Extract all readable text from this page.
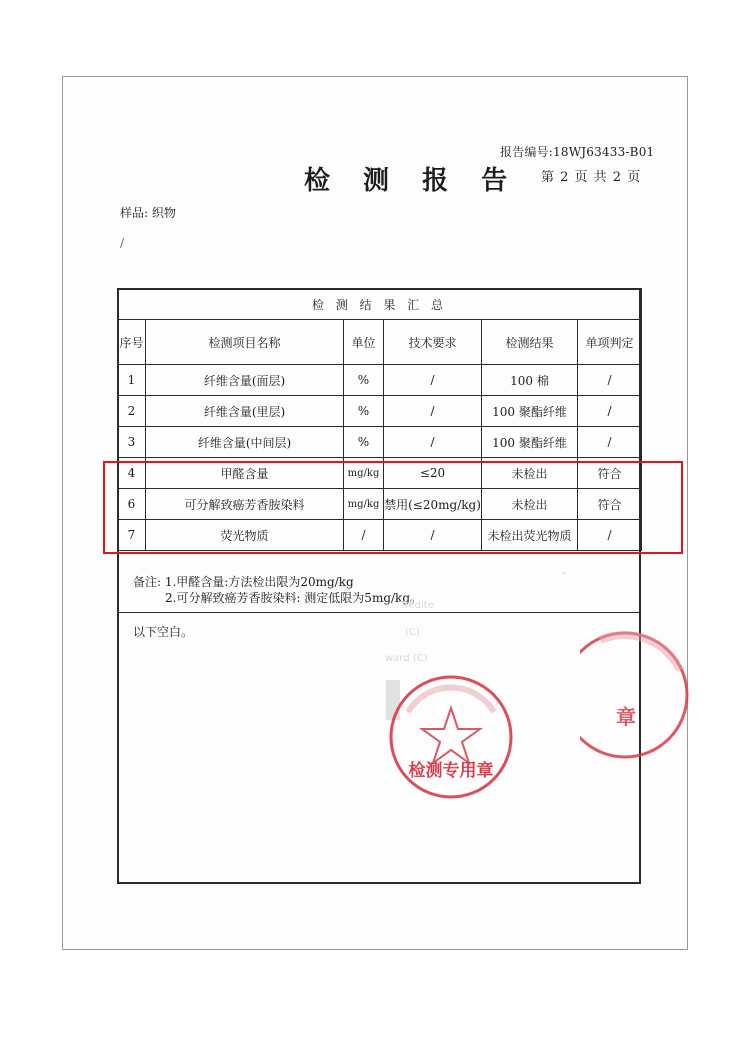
报告编号:18WJ63433-B01
检 测 报 告 第 2 页 共 2 页
样品: 织物
/
检 测 结 果 汇 总					
序号	检测项目名称	单位	技术要求	检测结果	单项判定
1	纤维含量(面层)	%	/	100 棉	/
2	纤维含量(里层)	%	/	100 聚酯纤维	/
3	纤维含量(中间层)	%	/	100 聚酯纤维	/
4	甲醛含量	mg/kg	≤20	未检出	符合
6	可分解致癌芳香胺染料	mg/kg	禁用(≤20mg/kg)	未检出	符合
7	荧光物质	/	/	未检出荧光物质	/
备注: 1.甲醛含量:方法检出限为20mg/kg
2.可分解致癌芳香胺染料: 测定低限为5mg/kg。
以下空白。
Tredite
(C)
ward (C)
-
检测专用章
章
